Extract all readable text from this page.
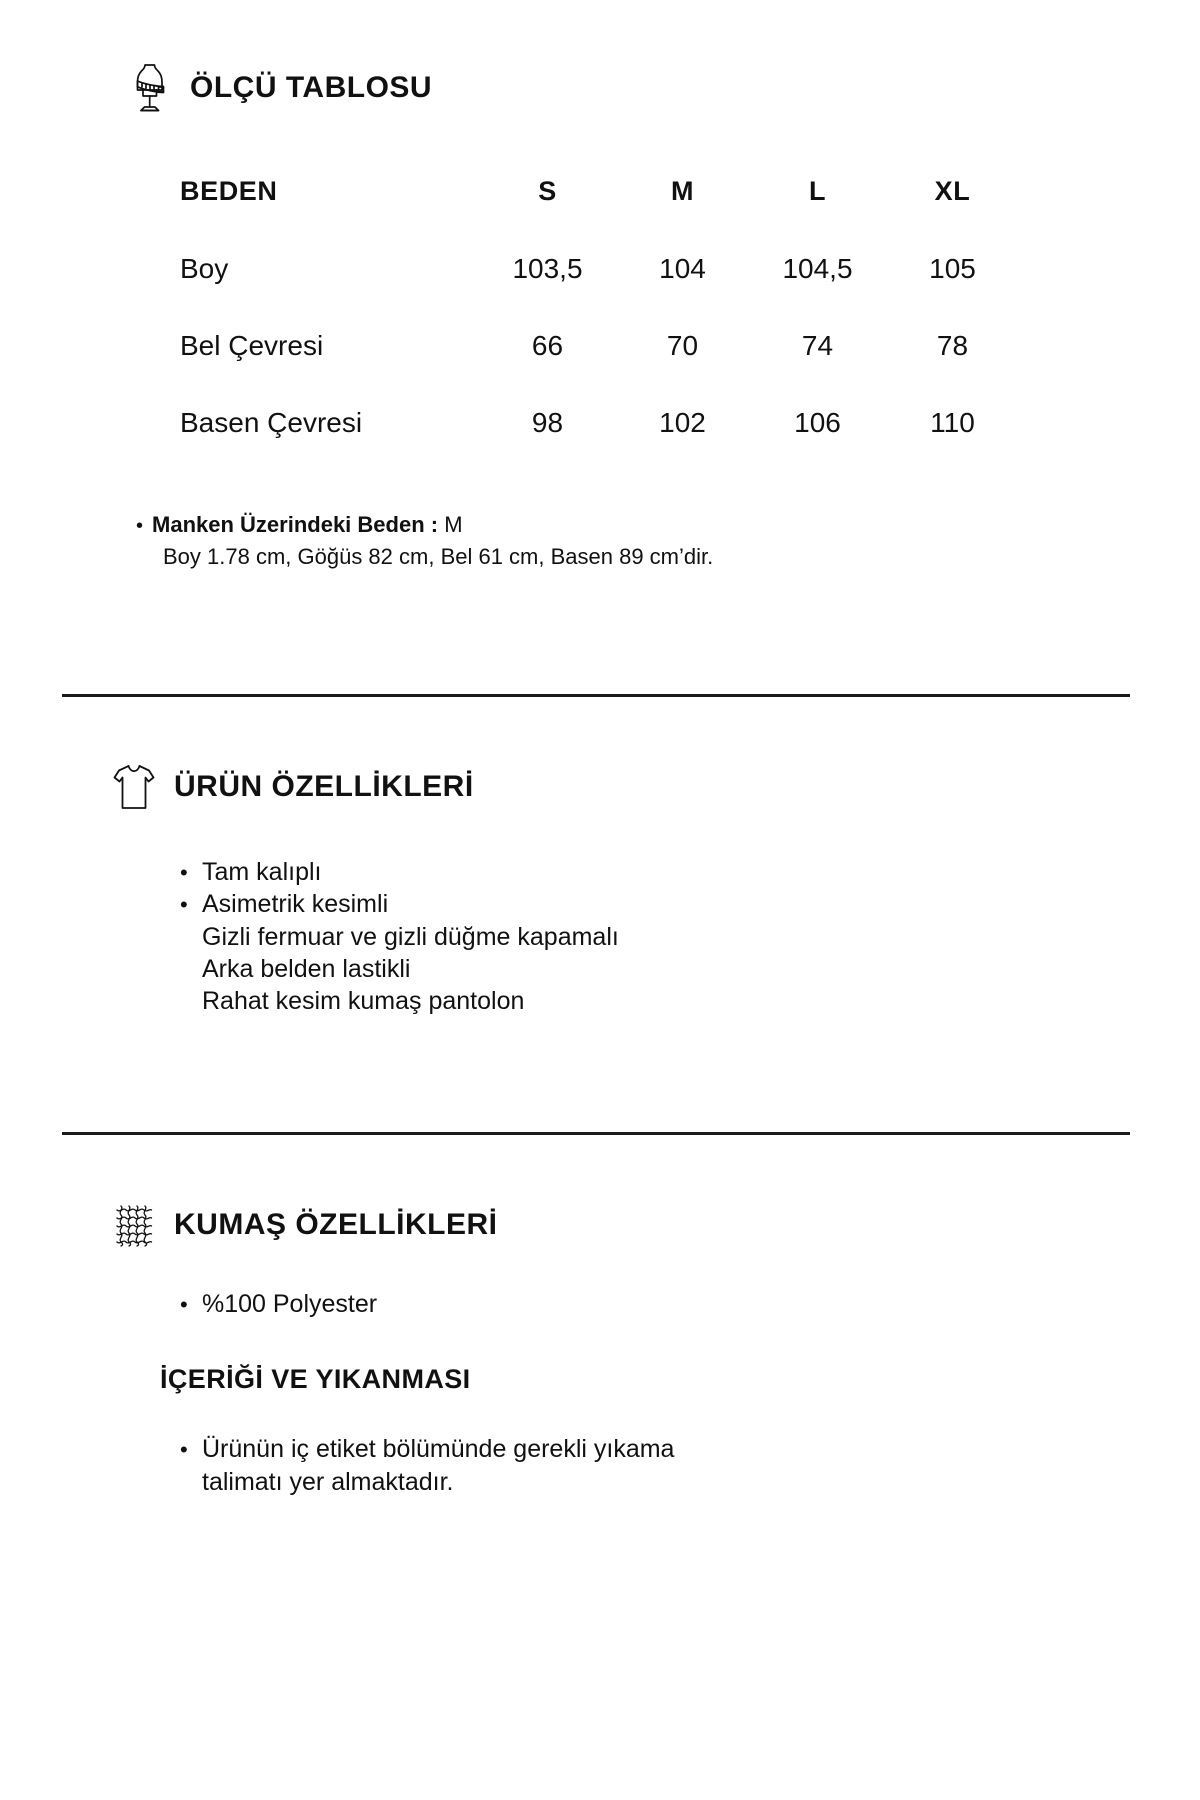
ÖLÇÜ TABLOSU
BEDEN	S	M	L	XL
Boy	103,5	104	104,5	105
Bel Çevresi	66	70	74	78
Basen Çevresi	98	102	106	110
• Manken Üzerindeki Beden : M
Boy 1.78 cm, Göğüs 82 cm, Bel 61 cm, Basen 89 cm’dir.
ÜRÜN ÖZELLİKLERİ
• Tam kalıplı
• Asimetrik kesimli
Gizli fermuar ve gizli düğme kapamalı
Arka belden lastikli
Rahat kesim kumaş pantolon
KUMAŞ ÖZELLİKLERİ
• %100 Polyester
İÇERİĞİ VE YIKANMASI
• Ürünün iç etiket bölümünde gerekli yıkama
talimatı yer almaktadır.
